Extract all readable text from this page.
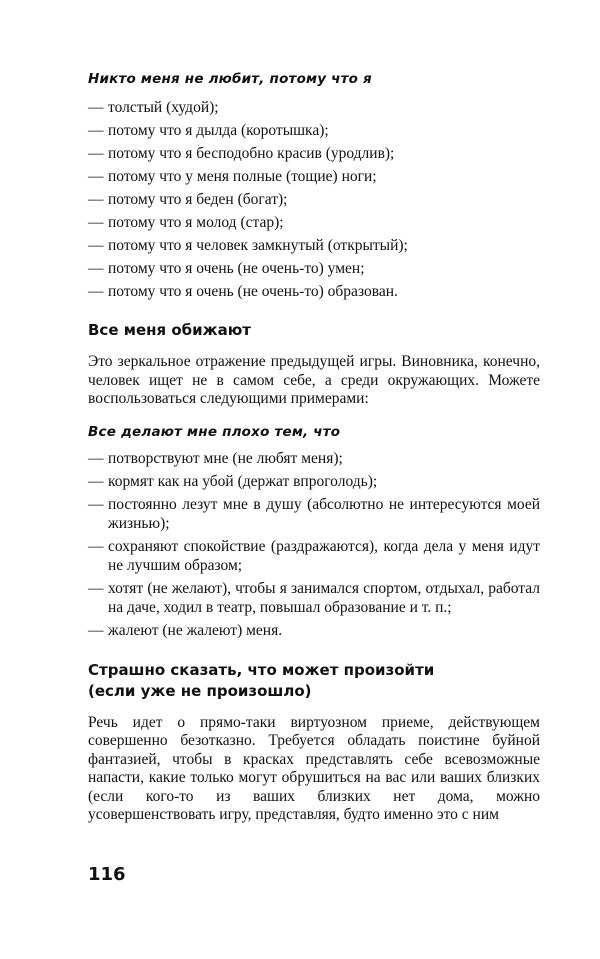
Никто меня не любит, потому что я

— толстый (худой);
— потому что я дылда (коротышка);
— потому что я бесподобно красив (уродлив);
— потому что у меня полные (тощие) ноги;
— потому что я беден (богат);
— потому что я молод (стар);
— потому что я человек замкнутый (открытый);
— потому что я очень (не очень-то) умен;
— потому что я очень (не очень-то) образован.

Все меня обижают

Это зеркальное отражение предыдущей игры. Виновника, конечно, человек ищет не в самом себе, а среди окружающих. Можете воспользоваться следующими примерами:

Все делают мне плохо тем, что

— потворствуют мне (не любят меня);
— кормят как на убой (держат впроголодь);
— постоянно лезут мне в душу (абсолютно не интересуются моей жизнью);
— сохраняют спокойствие (раздражаются), когда дела у меня идут не лучшим образом;
— хотят (не желают), чтобы я занимался спортом, отдыхал, работал на даче, ходил в театр, повышал образование и т. п.;
— жалеют (не жалеют) меня.

Страшно сказать, что может произойти

(если уже не произошло)

Речь идет о прямо-таки виртуозном приеме, действующем совершенно безотказно. Требуется обладать поистине буйной фантазией, чтобы в красках представлять себе всевозможные напасти, какие только могут обрушиться на вас или ваших близких (если кого-то из ваших близких нет дома, можно усовершенствовать игру, представляя, будто именно это с ним

116
